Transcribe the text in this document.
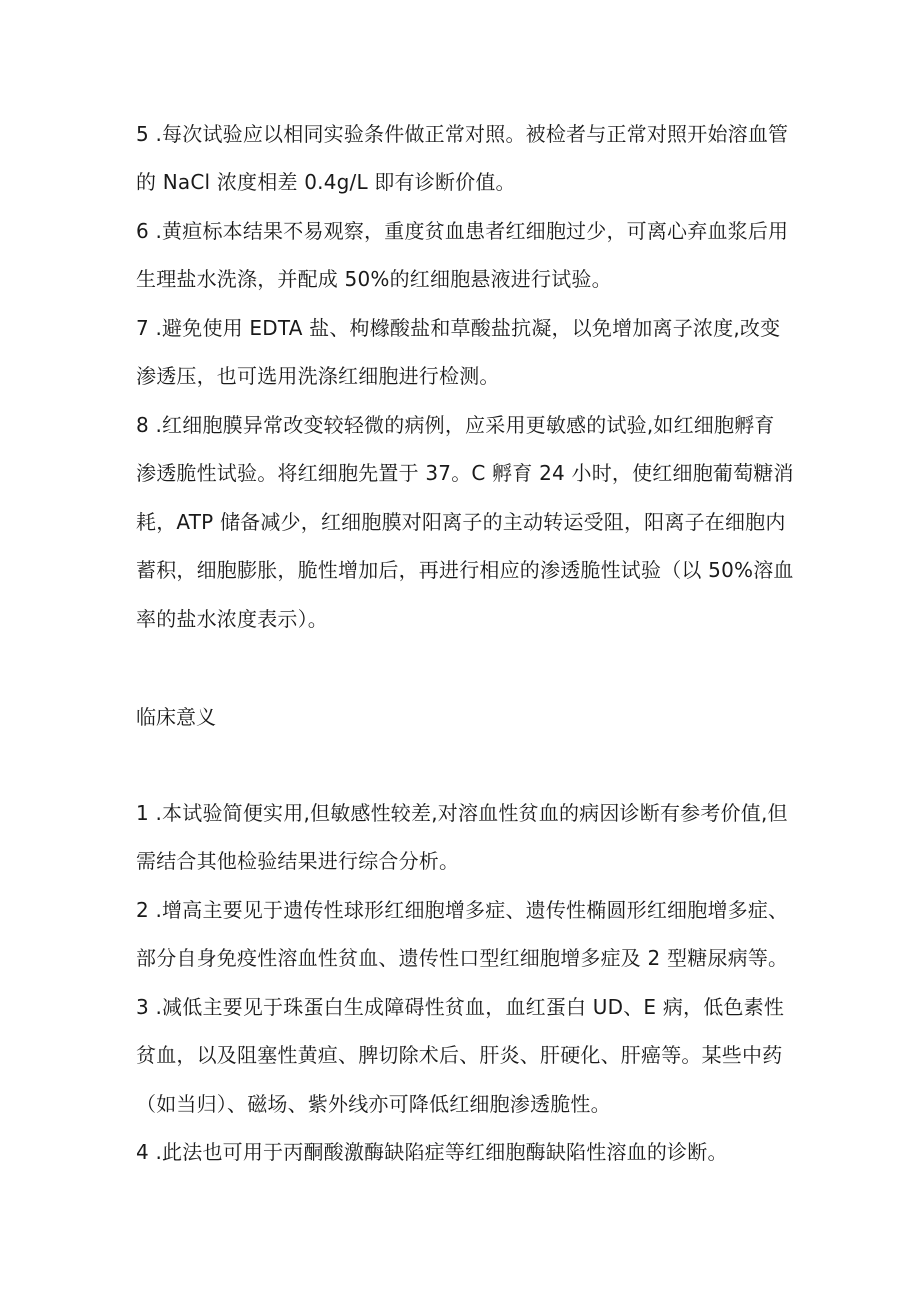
5 .每次试验应以相同实验条件做正常对照。被检者与正常对照开始溶血管
的 NaCl 浓度相差 0.4g/L 即有诊断价值。
6 .黄疸标本结果不易观察，重度贫血患者红细胞过少，可离心弃血浆后用
生理盐水洗涤，并配成 50%的红细胞悬液进行试验。
7 .避免使用 EDTA 盐、枸橼酸盐和草酸盐抗凝，以免增加离子浓度,改变
渗透压，也可选用洗涤红细胞进行检测。
8 .红细胞膜异常改变较轻微的病例，应采用更敏感的试验,如红细胞孵育
渗透脆性试验。将红细胞先置于 37。C 孵育 24 小时，使红细胞葡萄糖消
耗，ATP 储备减少，红细胞膜对阳离子的主动转运受阻，阳离子在细胞内
蓄积，细胞膨胀，脆性增加后，再进行相应的渗透脆性试验（以 50%溶血
率的盐水浓度表示）。
临床意义
1 .本试验简便实用,但敏感性较差,对溶血性贫血的病因诊断有参考价值,但
需结合其他检验结果进行综合分析。
2 .增高主要见于遗传性球形红细胞增多症、遗传性椭圆形红细胞增多症、
部分自身免疫性溶血性贫血、遗传性口型红细胞增多症及 2 型糖尿病等。
3 .减低主要见于珠蛋白生成障碍性贫血，血红蛋白 UD、E 病，低色素性
贫血，以及阻塞性黄疸、脾切除术后、肝炎、肝硬化、肝癌等。某些中药
（如当归）、磁场、紫外线亦可降低红细胞渗透脆性。
4 .此法也可用于丙酮酸激酶缺陷症等红细胞酶缺陷性溶血的诊断。
